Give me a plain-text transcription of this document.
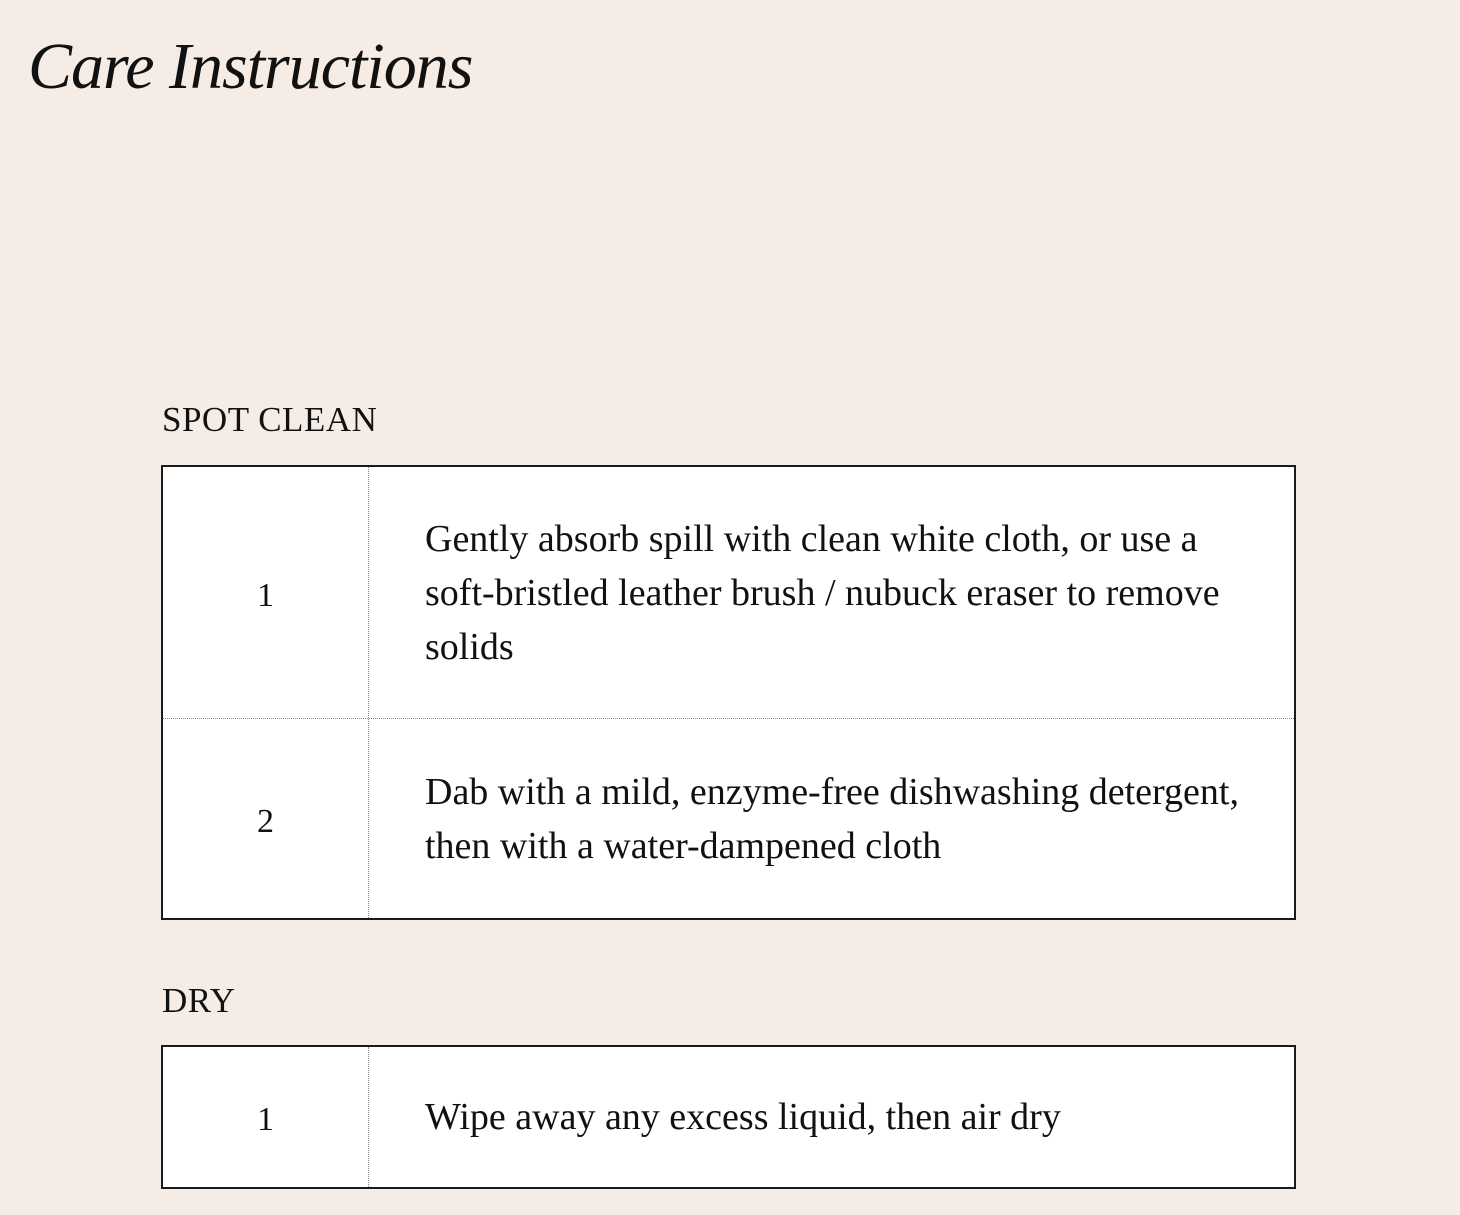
Care Instructions
SPOT CLEAN
1
Gently absorb spill with clean white cloth, or use a soft-bristled leather brush / nubuck eraser to remove solids
2
Dab with a mild, enzyme-free dishwashing detergent, then with a water-dampened cloth
DRY
1	Wipe away any excess liquid, then air dry
